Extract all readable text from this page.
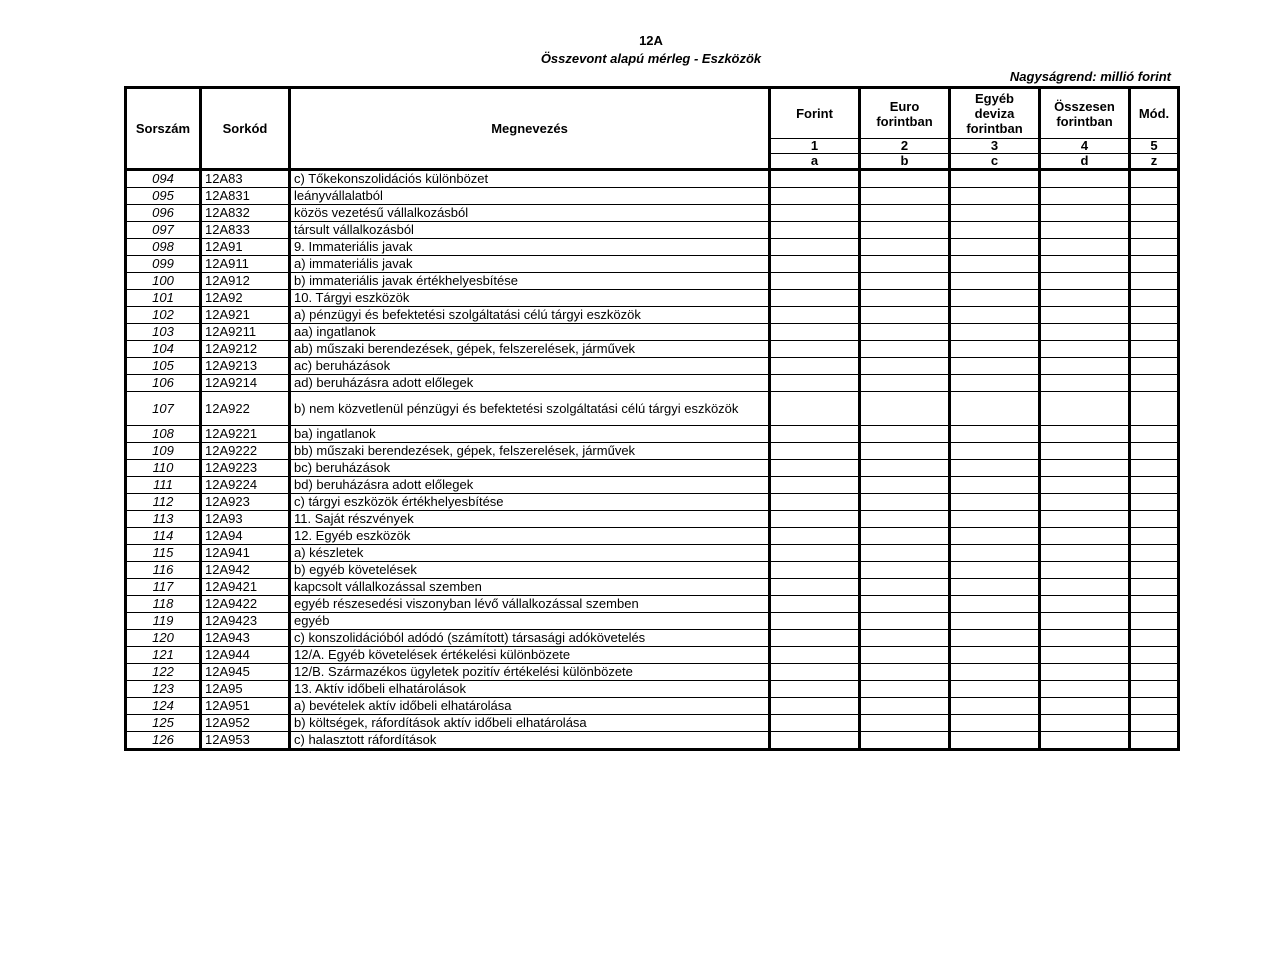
12A
Összevont alapú mérleg - Eszközök
Nagyságrend: millió forint
Sorszám	Sorkód	Megnevezés	Forint	Euro forintban	Egyéb deviza forintban	Összesen forintban	Mód.
			1	2	3	4	5
			a	b	c	d	z
094	12A83	c) Tőkekonszolidációs különbözet					
095	12A831	leányvállalatból					
096	12A832	közös vezetésű vállalkozásból					
097	12A833	társult vállalkozásból					
098	12A91	9. Immateriális javak					
099	12A911	a) immateriális javak					
100	12A912	b) immateriális javak értékhelyesbítése					
101	12A92	10. Tárgyi eszközök					
102	12A921	a) pénzügyi és befektetési szolgáltatási célú tárgyi eszközök					
103	12A9211	aa) ingatlanok					
104	12A9212	ab) műszaki berendezések, gépek, felszerelések, járművek					
105	12A9213	ac) beruházások					
106	12A9214	ad) beruházásra adott előlegek					
107	12A922	b) nem közvetlenül pénzügyi és befektetési szolgáltatási célú tárgyi eszközök					
108	12A9221	ba) ingatlanok					
109	12A9222	bb) műszaki berendezések, gépek, felszerelések, járművek					
110	12A9223	bc) beruházások					
111	12A9224	bd) beruházásra adott előlegek					
112	12A923	c) tárgyi eszközök értékhelyesbítése					
113	12A93	11. Saját részvények					
114	12A94	12. Egyéb eszközök					
115	12A941	a) készletek					
116	12A942	b) egyéb követelések					
117	12A9421	kapcsolt vállalkozással szemben					
118	12A9422	egyéb részesedési viszonyban lévő vállalkozással szemben					
119	12A9423	egyéb					
120	12A943	c) konszolidációból adódó (számított) társasági adókövetelés					
121	12A944	12/A. Egyéb követelések értékelési különbözete					
122	12A945	12/B. Származékos ügyletek pozitív értékelési különbözete					
123	12A95	13. Aktív időbeli elhatárolások					
124	12A951	a) bevételek aktív időbeli elhatárolása					
125	12A952	b) költségek, ráfordítások aktív időbeli elhatárolása					
126	12A953	c) halasztott ráfordítások					
